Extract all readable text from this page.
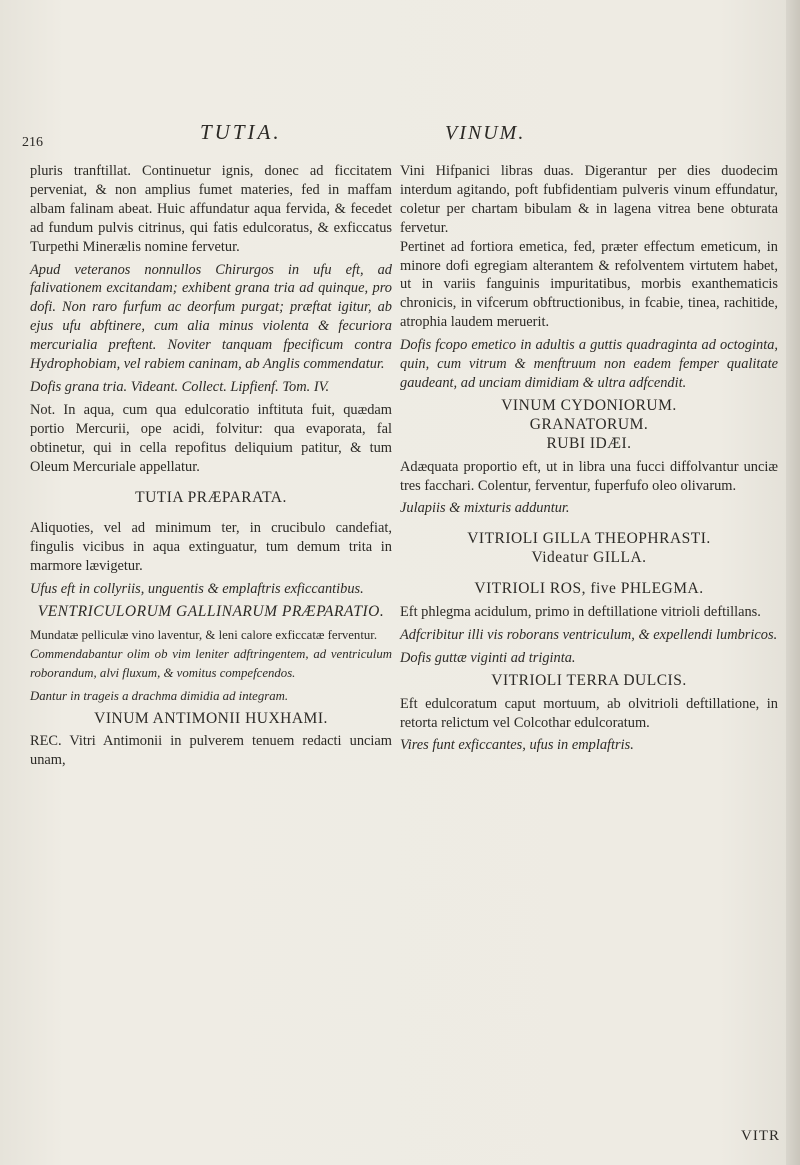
216	TUTIA.	VINUM.

pluris tranftillat. Continuetur ignis, donec ad ficcitatem perveniat, & non amplius fumet materies, fed in maffam albam falinam abeat. Huic affundatur aqua fervida, & fecedet ad fundum pulvis citrinus, qui fatis edulcoratus, & exficcatus Turpethi Minerælis nomine fervetur.

Apud veteranos nonnullos Chirurgos in ufu eft, ad falivationem excitandam; exhibent grana tria ad quinque, pro dofi. Non raro furfum ac deorfum purgat; præftat igitur, ab ejus ufu abftinere, cum alia minus violenta & fecuriora mercurialia preftent. Noviter tanquam fpecificum contra Hydrophobiam, vel rabiem caninam, ab Anglis commendatur.

Dofis grana tria. Videant. Collect. Lipfienf. Tom. IV.

Not. In aqua, cum qua edulcoratio inftituta fuit, quædam portio Mercurii, ope acidi, folvitur: qua evaporata, fal obtinetur, qui in cella repofitus deliquium patitur, & tum Oleum Mercuriale appellatur.

TUTIA PRÆPARATA.

Aliquoties, vel ad minimum ter, in crucibulo candefiat, fingulis vicibus in aqua extinguatur, tum demum trita in marmore lævigetur.

Ufus eft in collyriis, unguentis & emplaftris exficcantibus.

VENTRICULORUM GALLINARUM PRÆPARATIO.

Mundatæ pelliculæ vino laventur, & leni calore exficcatæ ferventur.

Commendabantur olim ob vim leniter adftringentem, ad ventriculum roborandum, alvi fluxum, & vomitus compefcendos.

Dantur in trageis a drachma dimidia ad integram.

VINUM ANTIMONII HUXHAMI.

REC. Vitri Antimonii in pulverem tenuem redacti unciam unam,

Vini Hifpanici libras duas. Digerantur per dies duodecim interdum agitando, poft fubfidentiam pulveris vinum effundatur, coletur per chartam bibulam & in lagena vitrea bene obturata fervetur.

Pertinet ad fortiora emetica, fed, præter effectum emeticum, in minore dofi egregiam alterantem & refolventem virtutem habet, ut in variis fanguinis impuritatibus, morbis exanthematicis chronicis, in vifcerum obftructionibus, in fcabie, tinea, rachitide, atrophia laudem meruerit.

Dofis fcopo emetico in adultis a guttis quadraginta ad octoginta, quin, cum vitrum & menftruum non eadem femper qualitate gaudeant, ad unciam dimidiam & ultra adfcendit.

VINUM CYDONIORUM.

GRANATORUM.

RUBI IDÆI.

Adæquata proportio eft, ut in libra una fucci diffolvantur unciæ tres facchari. Colentur, ferventur, fuperfufo oleo olivarum.

Julapiis & mixturis adduntur.

VITRIOLI GILLA THEOPHRASTI.

Videatur GILLA.

VITRIOLI ROS, five PHLEGMA.

Eft phlegma acidulum, primo in deftillatione vitrioli deftillans.

Adfcribitur illi vis roborans ventriculum, & expellendi lumbricos.

Dofis guttæ viginti ad triginta.

VITRIOLI TERRA DULCIS.

Eft edulcoratum caput mortuum, ab olvitrioli deftillatione, in retorta relictum vel Colcothar edulcoratum.

Vires funt exficcantes, ufus in emplaftris.

VITR
